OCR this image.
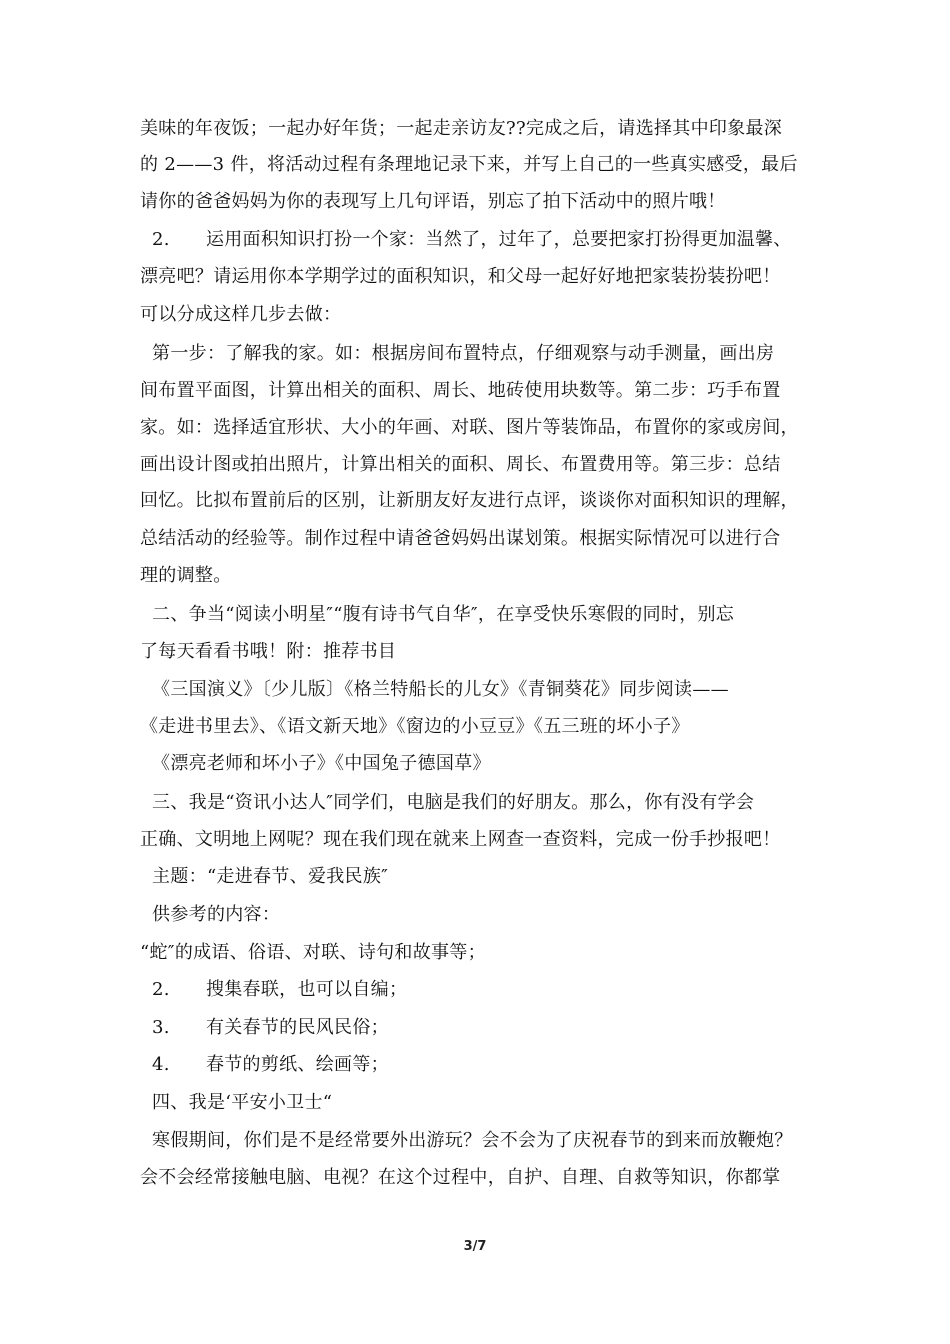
美味的年夜饭；一起办好年货；一起走亲访友??完成之后，请选择其中印象最深

的 2——3 件，将活动过程有条理地记录下来，并写上自己的一些真实感受，最后

请你的爸爸妈妈为你的表现写上几句评语，别忘了拍下活动中的照片哦！

2.      运用面积知识打扮一个家：当然了，过年了，总要把家打扮得更加温馨、

漂亮吧？请运用你本学期学过的面积知识，和父母一起好好地把家装扮装扮吧！

可以分成这样几步去做：

第一步：了解我的家。如：根据房间布置特点，仔细观察与动手测量，画出房

间布置平面图，计算出相关的面积、周长、地砖使用块数等。第二步：巧手布置

家。如：选择适宜形状、大小的年画、对联、图片等装饰品，布置你的家或房间，

画出设计图或拍出照片，计算出相关的面积、周长、布置费用等。第三步：总结

回忆。比拟布置前后的区别，让新朋友好友进行点评，谈谈你对面积知识的理解，

总结活动的经验等。制作过程中请爸爸妈妈出谋划策。根据实际情况可以进行合

理的调整。

二、争当“阅读小明星″“腹有诗书气自华″，在享受快乐寒假的同时，别忘

了每天看看书哦！附：推荐书目

《三国演义》〔少儿版〕《格兰特船长的儿女》《青铜葵花》同步阅读——

《走进书里去》、《语文新天地》《窗边的小豆豆》《五三班的坏小子》

《漂亮老师和坏小子》《中国兔子德国草》

三、我是“资讯小达人″同学们，电脑是我们的好朋友。那么，你有没有学会

正确、文明地上网呢？现在我们现在就来上网查一查资料，完成一份手抄报吧！

主题：“走进春节、爱我民族″

供参考的内容：

“蛇″的成语、俗语、对联、诗句和故事等；

2.      搜集春联，也可以自编；

3.      有关春节的民风民俗；

4.      春节的剪纸、绘画等；

四、我是‘平安小卫士“

寒假期间，你们是不是经常要外出游玩？会不会为了庆祝春节的到来而放鞭炮？

会不会经常接触电脑、电视？在这个过程中，自护、自理、自救等知识，你都掌

3/7
